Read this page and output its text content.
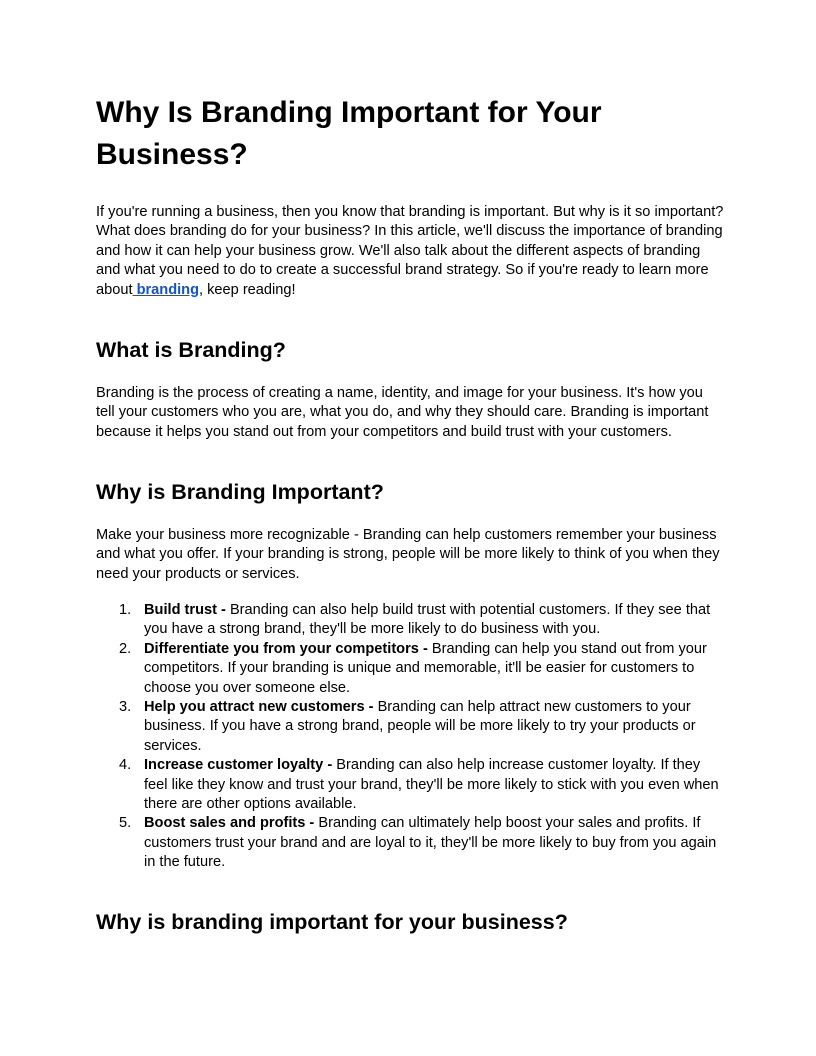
Why Is Branding Important for Your Business?

If you're running a business, then you know that branding is important. But why is it so important? What does branding do for your business? In this article, we'll discuss the importance of branding and how it can help your business grow. We'll also talk about the different aspects of branding and what you need to do to create a successful brand strategy. So if you're ready to learn more about branding, keep reading!

What is Branding?

Branding is the process of creating a name, identity, and image for your business. It's how you tell your customers who you are, what you do, and why they should care. Branding is important because it helps you stand out from your competitors and build trust with your customers.

Why is Branding Important?

Make your business more recognizable - Branding can help customers remember your business and what you offer. If your branding is strong, people will be more likely to think of you when they need your products or services.

1. Build trust - Branding can also help build trust with potential customers. If they see that you have a strong brand, they'll be more likely to do business with you.
2. Differentiate you from your competitors - Branding can help you stand out from your competitors. If your branding is unique and memorable, it'll be easier for customers to choose you over someone else.
3. Help you attract new customers - Branding can help attract new customers to your business. If you have a strong brand, people will be more likely to try your products or services.
4. Increase customer loyalty - Branding can also help increase customer loyalty. If they feel like they know and trust your brand, they'll be more likely to stick with you even when there are other options available.
5. Boost sales and profits - Branding can ultimately help boost your sales and profits. If customers trust your brand and are loyal to it, they'll be more likely to buy from you again in the future.
Why is branding important for your business?
